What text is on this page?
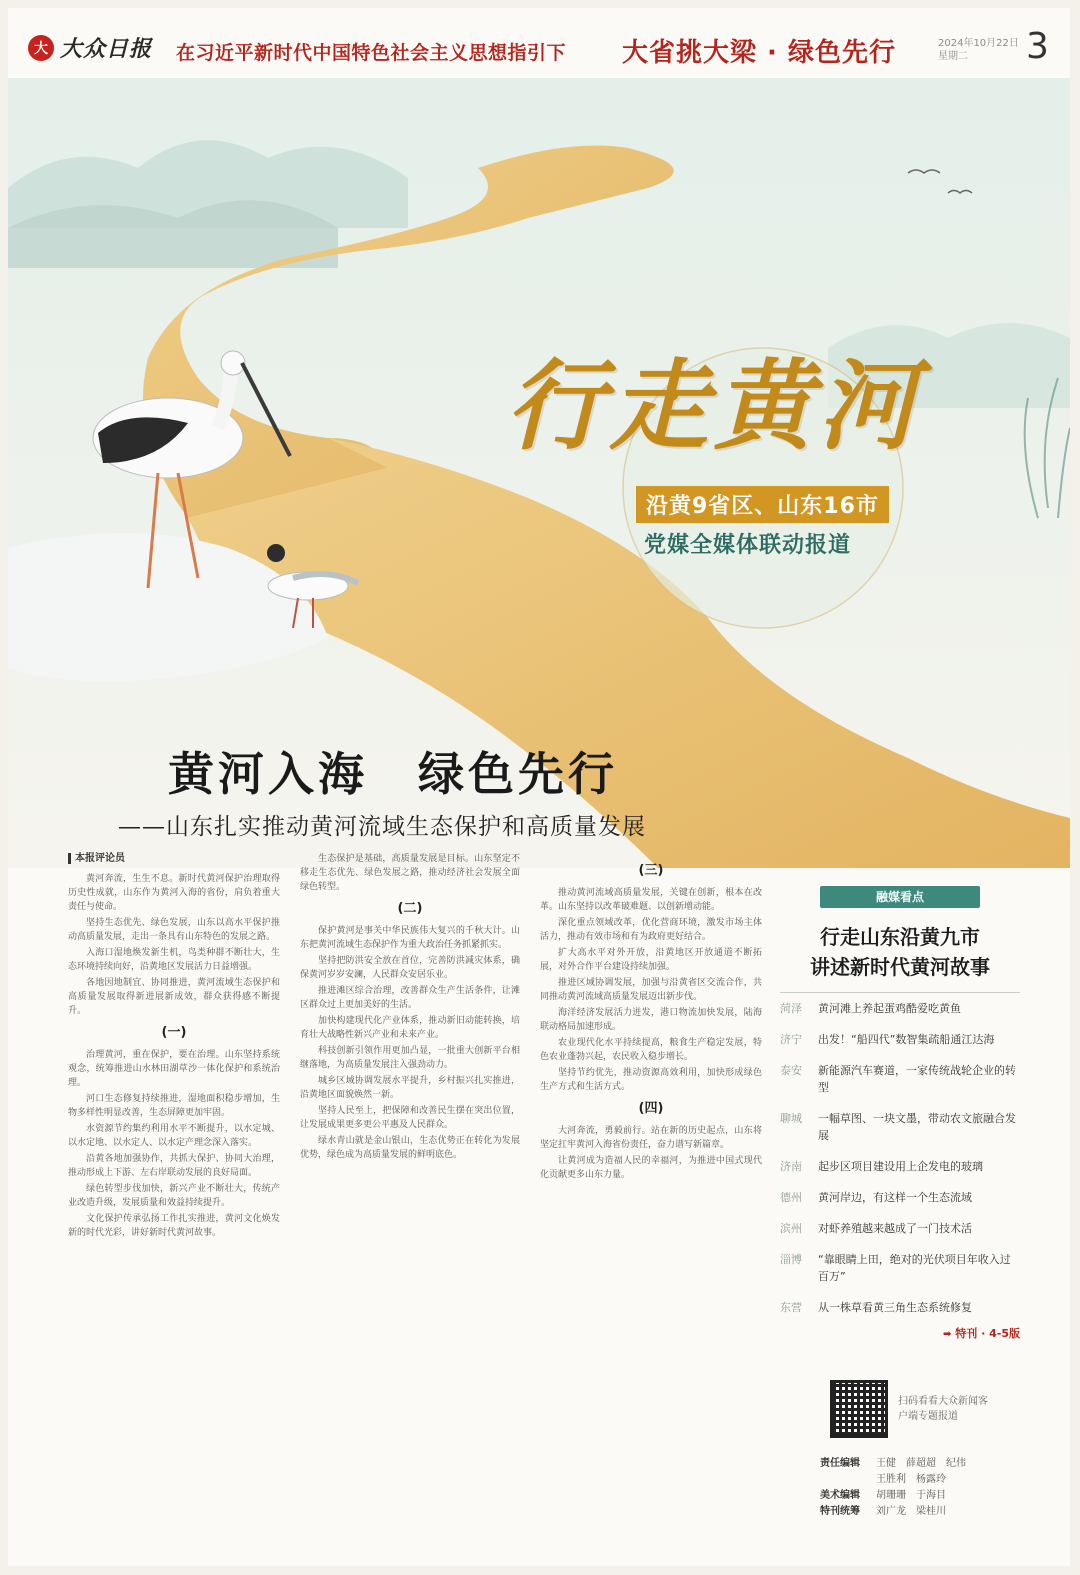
大 大众日报 在习近平新时代中国特色社会主义思想指引下 大省挑大梁 · 绿色先行	2024年10月22日 星期二	3
行走黄河
沿黄9省区、山东16市
党媒全媒体联动报道
黄河入海　绿色先行
——山东扎实推动黄河流域生态保护和高质量发展

本报评论员

黄河奔流，生生不息。新时代黄河保护治理取得历史性成就，山东作为黄河入海的省份，肩负着重大责任与使命。

坚持生态优先、绿色发展，山东以高水平保护推动高质量发展，走出一条具有山东特色的发展之路。

入海口湿地焕发新生机，鸟类种群不断壮大，生态环境持续向好，沿黄地区发展活力日益增强。

各地因地制宜、协同推进，黄河流域生态保护和高质量发展取得新进展新成效，群众获得感不断提升。

(一)

治理黄河，重在保护，要在治理。山东坚持系统观念，统筹推进山水林田湖草沙一体化保护和系统治理。

河口生态修复持续推进，湿地面积稳步增加，生物多样性明显改善，生态屏障更加牢固。

水资源节约集约利用水平不断提升，以水定城、以水定地、以水定人、以水定产理念深入落实。

沿黄各地加强协作，共抓大保护、协同大治理，推动形成上下游、左右岸联动发展的良好局面。

绿色转型步伐加快，新兴产业不断壮大，传统产业改造升级，发展质量和效益持续提升。

文化保护传承弘扬工作扎实推进，黄河文化焕发新的时代光彩，讲好新时代黄河故事。

生态保护是基础，高质量发展是目标。山东坚定不移走生态优先、绿色发展之路，推动经济社会发展全面绿色转型。

(二)

保护黄河是事关中华民族伟大复兴的千秋大计。山东把黄河流域生态保护作为重大政治任务抓紧抓实。

坚持把防洪安全放在首位，完善防洪减灾体系，确保黄河岁岁安澜，人民群众安居乐业。

推进滩区综合治理，改善群众生产生活条件，让滩区群众过上更加美好的生活。

加快构建现代化产业体系，推动新旧动能转换，培育壮大战略性新兴产业和未来产业。

科技创新引领作用更加凸显，一批重大创新平台相继落地，为高质量发展注入强劲动力。

城乡区域协调发展水平提升，乡村振兴扎实推进，沿黄地区面貌焕然一新。

坚持人民至上，把保障和改善民生摆在突出位置，让发展成果更多更公平惠及人民群众。

绿水青山就是金山银山，生态优势正在转化为发展优势，绿色成为高质量发展的鲜明底色。

(三)

推动黄河流域高质量发展，关键在创新，根本在改革。山东坚持以改革破难题、以创新增动能。

深化重点领域改革，优化营商环境，激发市场主体活力，推动有效市场和有为政府更好结合。

扩大高水平对外开放，沿黄地区开放通道不断拓展，对外合作平台建设持续加强。

推进区域协调发展，加强与沿黄省区交流合作，共同推动黄河流域高质量发展迈出新步伐。

海洋经济发展活力迸发，港口物流加快发展，陆海联动格局加速形成。

农业现代化水平持续提高，粮食生产稳定发展，特色农业蓬勃兴起，农民收入稳步增长。

坚持节约优先，推动资源高效利用，加快形成绿色生产方式和生活方式。

(四)

大河奔流，勇毅前行。站在新的历史起点，山东将坚定扛牢黄河入海省份责任，奋力谱写新篇章。

让黄河成为造福人民的幸福河，为推进中国式现代化贡献更多山东力量。

融媒看点
行走山东沿黄九市
讲述新时代黄河故事
菏泽	黄河滩上养起蛋鸡酷爱吃黄鱼
济宁	出发！“船四代”数智集疏船通江达海
泰安	新能源汽车赛道，一家传统战轮企业的转型
聊城	一幅草图、一块文墨，带动农文旅融合发展
济南	起步区项目建设用上企发电的玻璃
德州	黄河岸边，有这样一个生态流域
滨州	对虾养殖越来越成了一门技术活
淄博	“靠眼睛上田，绝对的光伏项目年收入过百万”
东营	从一株草看黄三角生态系统修复
➡ 特刊 · 4-5版
扫码看看大众新闻客户端专题报道
责任编辑	王健　薛超超　纪伟
王胜利　杨露玲
美术编辑	胡珊珊　于海目
特刊统筹	刘广龙　梁桂川
